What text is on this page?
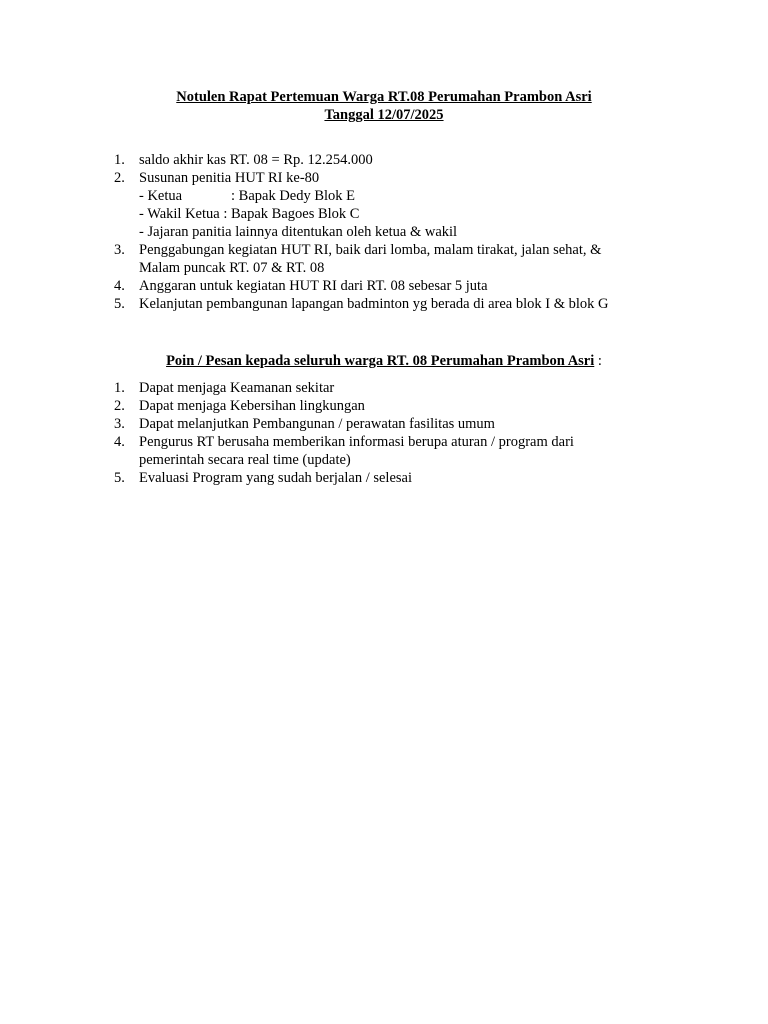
Notulen Rapat Pertemuan Warga RT.08 Perumahan Prambon Asri
Tanggal 12/07/2025
1. saldo akhir kas RT. 08 = Rp. 12.254.000
2. Susunan penitia HUT RI ke-80
- Ketua	: Bapak Dedy Blok E
- Wakil Ketua : Bapak Bagoes Blok C
- Jajaran panitia lainnya ditentukan oleh ketua & wakil
3. Penggabungan kegiatan HUT RI, baik dari lomba, malam tirakat, jalan sehat, &
Malam puncak RT. 07 & RT. 08
4. Anggaran untuk kegiatan HUT RI dari RT. 08 sebesar 5 juta
5. Kelanjutan pembangunan lapangan badminton yg berada di area blok I & blok G
Poin / Pesan kepada seluruh warga RT. 08 Perumahan Prambon Asri :
1. Dapat menjaga Keamanan sekitar
2. Dapat menjaga Kebersihan lingkungan
3. Dapat melanjutkan Pembangunan / perawatan fasilitas umum
4. Pengurus RT berusaha memberikan informasi berupa aturan / program dari
pemerintah secara real time (update)
5. Evaluasi Program yang sudah berjalan / selesai
